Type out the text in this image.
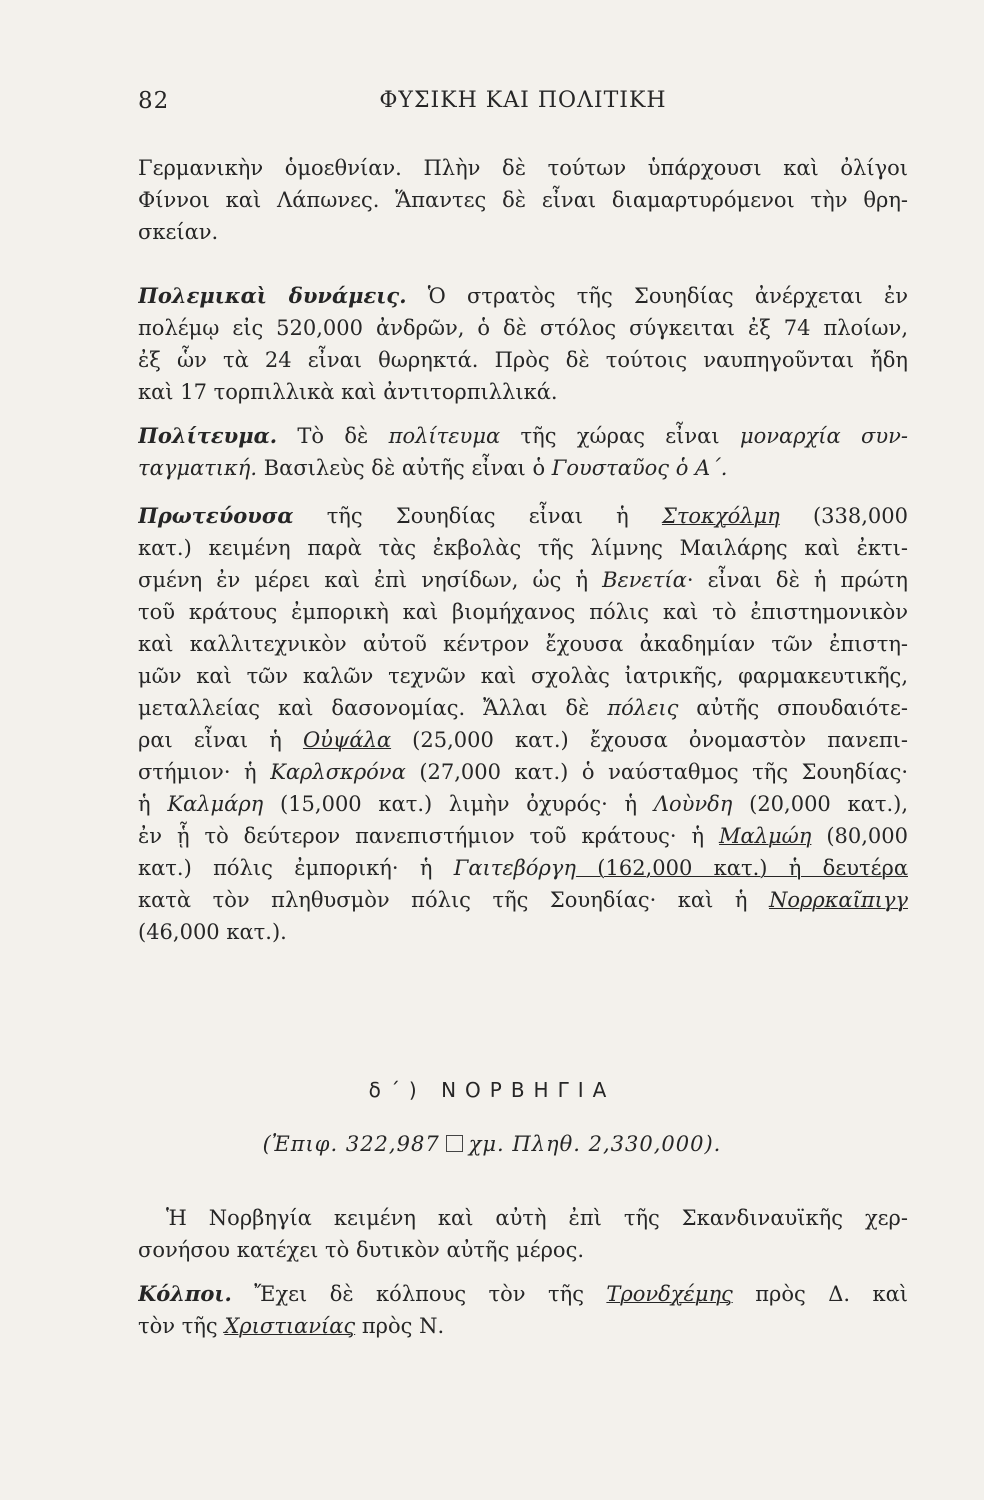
82	ΦΥΣΙΚΗ ΚΑΙ ΠΟΛΙΤΙΚΗ
Γερμανικὴν ὁμοεθνίαν. Πλὴν δὲ τούτων ὑπάρχουσι καὶ ὀλίγοι
Φίννοι καὶ Λάπωνες. Ἅπαντες δὲ εἶναι διαμαρτυρόμενοι τὴν θρη-
σκείαν.
Πολεμικαὶ δυνάμεις. Ὁ στρατὸς τῆς Σουηδίας ἀνέρχεται ἐν
πολέμῳ εἰς 520,000 ἀνδρῶν, ὁ δὲ στόλος σύγκειται ἐξ 74 πλοίων,
ἐξ ὧν τὰ 24 εἶναι θωρηκτά. Πρὸς δὲ τούτοις ναυπηγοῦνται ἤδη
καὶ 17 τορπιλλικὰ καὶ ἀντιτορπιλλικά.
Πολίτευμα. Τὸ δὲ πολίτευμα τῆς χώρας εἶναι μοναρχία συν-
ταγματική. Βασιλεὺς δὲ αὐτῆς εἶναι ὁ Γουσταῦος ὁ Α΄.
Πρωτεύουσα τῆς Σουηδίας εἶναι ἡ Στοκχόλμη (338,000
κατ.) κειμένη παρὰ τὰς ἐκβολὰς τῆς λίμνης Μαιλάρης καὶ ἐκτι-
σμένη ἐν μέρει καὶ ἐπὶ νησίδων, ὡς ἡ Βενετία· εἶναι δὲ ἡ πρώτη
τοῦ κράτους ἐμπορικὴ καὶ βιομήχανος πόλις καὶ τὸ ἐπιστημονικὸν
καὶ καλλιτεχνικὸν αὐτοῦ κέντρον ἔχουσα ἀκαδημίαν τῶν ἐπιστη-
μῶν καὶ τῶν καλῶν τεχνῶν καὶ σχολὰς ἰατρικῆς, φαρμακευτικῆς,
μεταλλείας καὶ δασονομίας. Ἄλλαι δὲ πόλεις αὐτῆς σπουδαιότε-
ραι εἶναι ἡ Οὐψάλα (25,000 κατ.) ἔχουσα ὀνομαστὸν πανεπι-
στήμιον· ἡ Καρλσκρόνα (27,000 κατ.) ὁ ναύσταθμος τῆς Σουηδίας·
ἡ Καλμάρη (15,000 κατ.) λιμὴν ὀχυρός· ἡ Λοὺνδη (20,000 κατ.),
ἐν ᾗ τὸ δεύτερον πανεπιστήμιον τοῦ κράτους· ἡ Μαλμώη (80,000
κατ.) πόλις ἐμπορική· ἡ Γαιτεβόργη (162,000 κατ.) ἡ δευτέρα
κατὰ τὸν πληθυσμὸν πόλις τῆς Σουηδίας· καὶ ἡ Νορρκαῖπιγγ
(46,000 κατ.).
δ΄) ΝΟΡΒΗΓΙΑ
(Ἐπιφ. 322,987 χμ. Πληθ. 2,330,000).
Ἡ Νορβηγία κειμένη καὶ αὐτὴ ἐπὶ τῆς Σκανδιναυϊκῆς χερ-
σονήσου κατέχει τὸ δυτικὸν αὐτῆς μέρος.
Κόλποι. Ἔχει δὲ κόλπους τὸν τῆς Τρονδχέμης πρὸς Δ. καὶ
τὸν τῆς Χριστιανίας πρὸς Ν.
